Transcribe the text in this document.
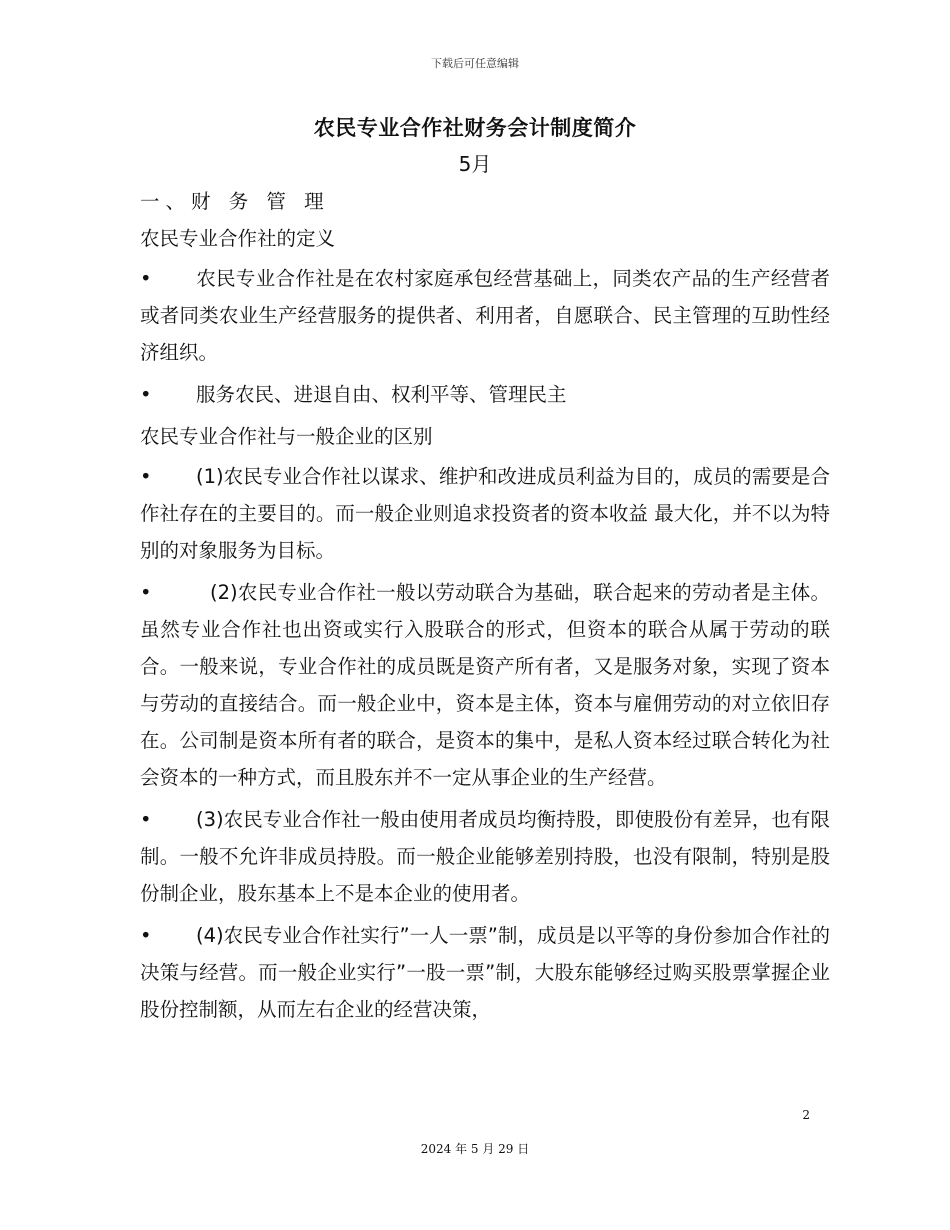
下载后可任意编辑
农民专业合作社财务会计制度简介
5月

一、财 务 管 理

农民专业合作社的定义

•	农民专业合作社是在农村家庭承包经营基础上，同类农产品的生产经营者或者同类农业生产经营服务的提供者、利用者，自愿联合、民主管理的互助性经济组织。

•	服务农民、进退自由、权利平等、管理民主

农民专业合作社与一般企业的区别

•	(1)农民专业合作社以谋求、维护和改进成员利益为目的，成员的需要是合作社存在的主要目的。而一般企业则追求投资者的资本收益 最大化，并不以为特别的对象服务为目标。

•	(2)农民专业合作社一般以劳动联合为基础，联合起来的劳动者是主体。虽然专业合作社也出资或实行入股联合的形式，但资本的联合从属于劳动的联合。一般来说，专业合作社的成员既是资产所有者，又是服务对象，实现了资本与劳动的直接结合。而一般企业中，资本是主体，资本与雇佣劳动的对立依旧存在。公司制是资本所有者的联合，是资本的集中，是私人资本经过联合转化为社会资本的一种方式，而且股东并不一定从事企业的生产经营。

•	(3)农民专业合作社一般由使用者成员均衡持股，即使股份有差异，也有限制。一般不允许非成员持股。而一般企业能够差别持股，也没有限制，特别是股份制企业，股东基本上不是本企业的使用者。

•	(4)农民专业合作社实行”一人一票”制，成员是以平等的身份参加合作社的决策与经营。而一般企业实行”一股一票”制，大股东能够经过购买股票掌握企业股份控制额，从而左右企业的经营决策，

2
2024 年 5 月 29 日
